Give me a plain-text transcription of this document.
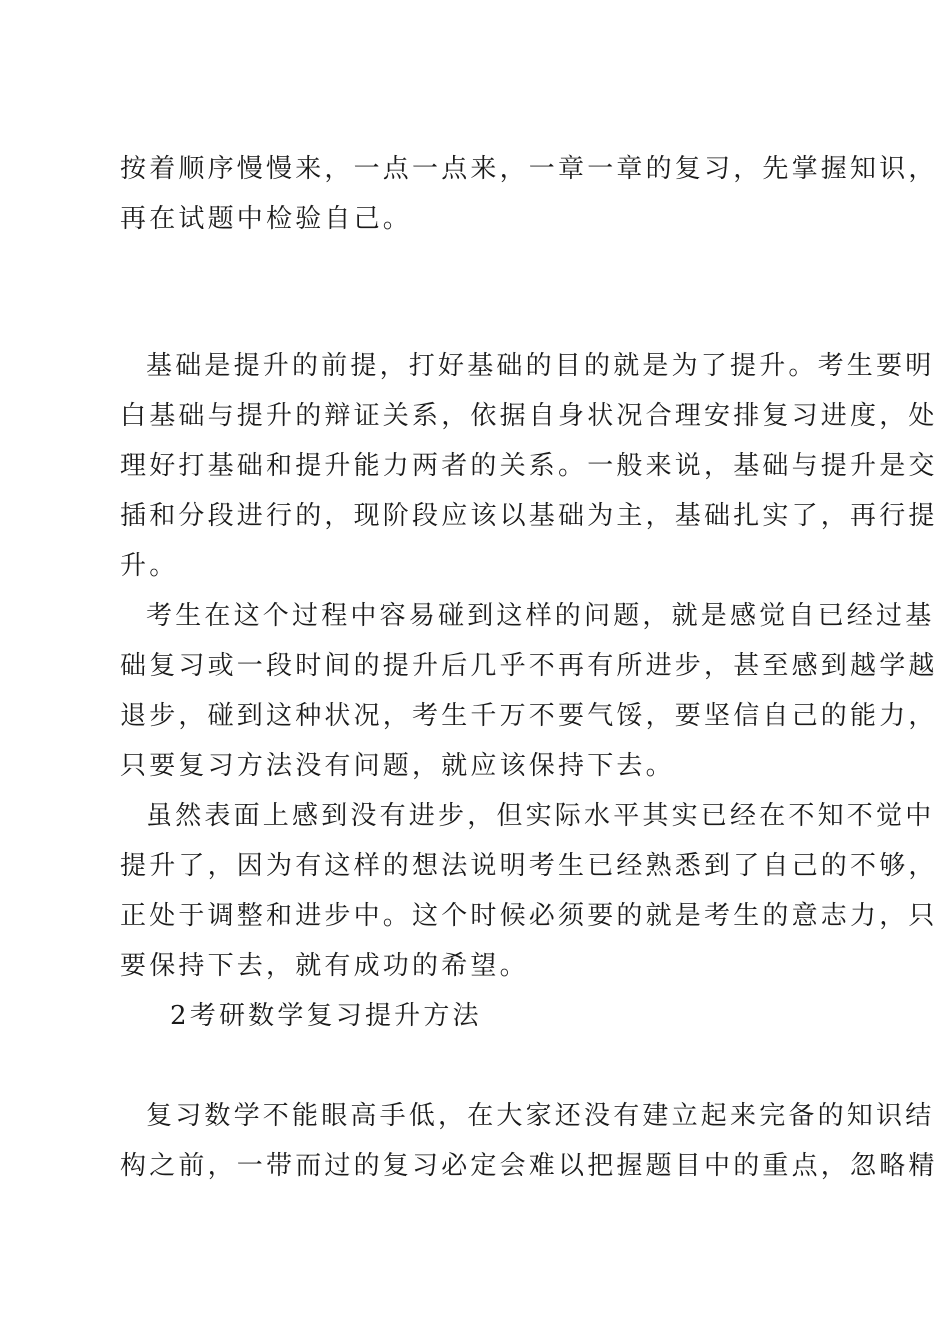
按着顺序慢慢来，一点一点来，一章一章的复习，先掌握知识，
再在试题中检验自己。
基础是提升的前提，打好基础的目的就是为了提升。考生要明
白基础与提升的辩证关系，依据自身状况合理安排复习进度，处
理好打基础和提升能力两者的关系。一般来说，基础与提升是交
插和分段进行的，现阶段应该以基础为主，基础扎实了，再行提
升。
考生在这个过程中容易碰到这样的问题，就是感觉自已经过基
础复习或一段时间的提升后几乎不再有所进步，甚至感到越学越
退步，碰到这种状况，考生千万不要气馁，要坚信自己的能力，
只要复习方法没有问题，就应该保持下去。
虽然表面上感到没有进步，但实际水平其实已经在不知不觉中
提升了，因为有这样的想法说明考生已经熟悉到了自己的不够，
正处于调整和进步中。这个时候必须要的就是考生的意志力，只
要保持下去，就有成功的希望。
2考研数学复习提升方法
复习数学不能眼高手低，在大家还没有建立起来完备的知识结
构之前，一带而过的复习必定会难以把握题目中的重点，忽略精
